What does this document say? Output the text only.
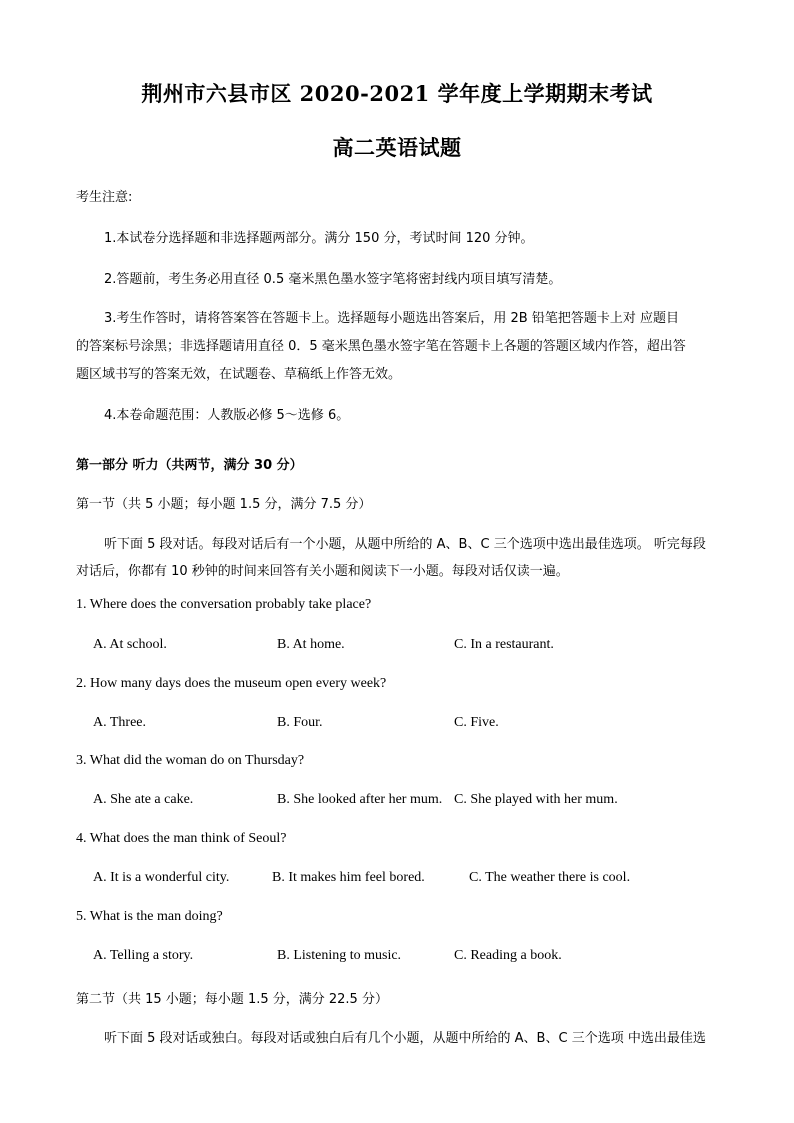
荆州市六县市区 2020-2021 学年度上学期期末考试
高二英语试题
考生注意:
1.本试卷分选择题和非选择题两部分。满分 150 分，考试时间 120 分钟。
2.答题前，考生务必用直径 0.5 毫米黑色墨水签字笔将密封线内项目填写清楚。
3.考生作答时，请将答案答在答题卡上。选择题每小题选出答案后，用 2B 铅笔把答题卡上对 应题目
的答案标号涂黑；非选择题请用直径 0．5 毫米黑色墨水签字笔在答题卡上各题的答题区域内作答，超出答
题区域书写的答案无效，在试题卷、草稿纸上作答无效。
4.本卷命题范围：人教版必修 5～选修 6。
第一部分 听力（共两节，满分 30 分）
第一节（共 5 小题；每小题 1.5 分，满分 7.5 分）
听下面 5 段对话。每段对话后有一个小题，从题中所给的 A、B、C 三个选项中选出最佳选项。 听完每段
对话后，你都有 10 秒钟的时间来回答有关小题和阅读下一小题。每段对话仅读一遍。
1. Where does the conversation probably take place?
A. At school.	B. At home.	C. In a restaurant.
2. How many days does the museum open every week?
A. Three.	B. Four.	C. Five.
3. What did the woman do on Thursday?
A. She ate a cake.	B. She looked after her mum. C. She played with her mum.
4. What does the man think of Seoul?
A. It is a wonderful city.	B. It makes him feel bored.	C. The weather there is cool.
5. What is the man doing?
A. Telling a story.	B. Listening to music.	C. Reading a book.
第二节（共 15 小题；每小题 1.5 分，满分 22.5 分）
听下面 5 段对话或独白。每段对话或独白后有几个小题，从题中所给的 A、B、C 三个选项 中选出最佳选
